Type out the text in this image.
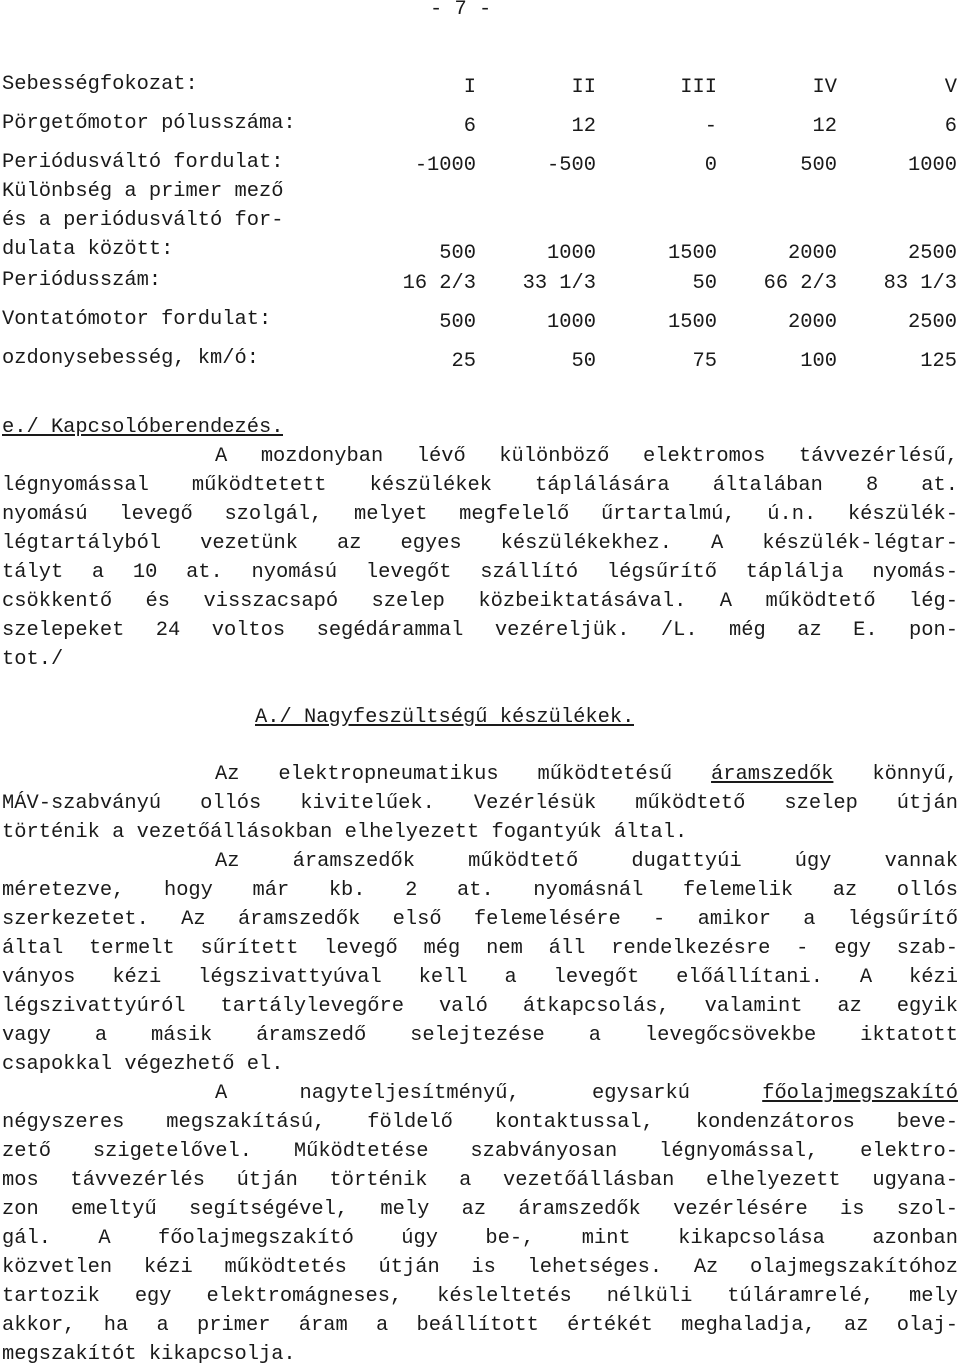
- 7 -
Sebességfokozat:	I	II	III	IV	V
Pörgetőmotor pólusszáma:	6	12	-	12	6
Periódusváltó fordulat:	-1000	-500	0	500	1000

Különbség a primer mező
és a periódusváltó for-
dulata között:	500	1000	1500	2000	2500
Periódusszám:	16 2/3	33 1/3	50	66 2/3	83 1/3
Vontatómotor fordulat:	500	1000	1500	2000	2500
ozdonysebesség, km/ó:	25	50	75	100	125
e./ Kapcsolóberendezés.
A mozdonyban lévő különböző elektromos távvezérlésű,
légnyomással működtetett készülékek táplálására általában 8 at.
nyomású levegő szolgál, melyet megfelelő űrtartalmú, ú.n. készülék-
légtartályból vezetünk az egyes készülékekhez. A készülék-légtar-
tályt a 10 at. nyomású levegőt szállító légsűrítő táplálja nyomás-
csökkentő és visszacsapó szelep közbeiktatásával. A működtető lég-
szelepeket 24 voltos segédárammal vezéreljük. /L. még az E. pon-
tot./
A./ Nagyfeszültségű készülékek.
Az elektropneumatikus működtetésű áramszedők könnyű,
MÁV-szabványú ollós kivitelűek. Vezérlésük működtető szelep útján
történik a vezetőállásokban elhelyezett fogantyúk által.
Az áramszedők működtető dugattyúi úgy vannak
méretezve, hogy már kb. 2 at. nyomásnál felemelik az ollós
szerkezetet. Az áramszedők első felemelésére - amikor a légsűrítő
által termelt sűrített levegő még nem áll rendelkezésre - egy szab-
ványos kézi légszivattyúval kell a levegőt előállítani. A kézi
légszivattyúról tartálylevegőre való átkapcsolás, valamint az egyik
vagy a másik áramszedő selejtezése a levegőcsövekbe iktatott
csapokkal végezhető el.
A nagyteljesítményű, egysarkú főolajmegszakító
négyszeres megszakítású, földelő kontaktussal, kondenzátoros beve-
zető szigetelővel. Működtetése szabványosan légnyomással, elektro-
mos távvezérlés útján történik a vezetőállásban elhelyezett ugyana-
zon emeltyű segítségével, mely az áramszedők vezérlésére is szol-
gál. A főolajmegszakító úgy be-, mint kikapcsolása azonban
közvetlen kézi működtetés útján is lehetséges. Az olajmegszakítóhoz
tartozik egy elektromágneses, késleltetés nélküli túláramrelé, mely
akkor, ha a primer áram a beállított értékét meghaladja, az olaj-
megszakítót kikapcsolja.
